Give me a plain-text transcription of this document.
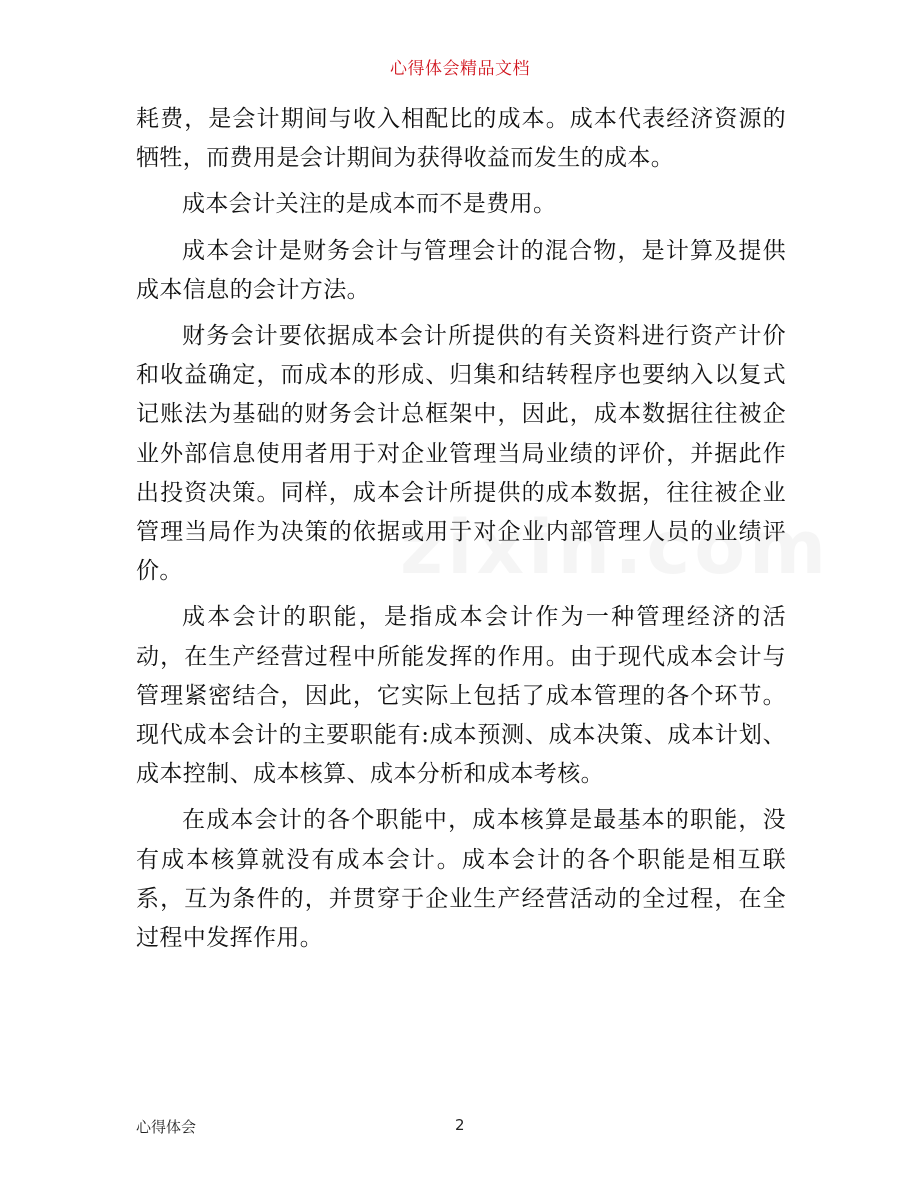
心得体会精品文档

耗费，是会计期间与收入相配比的成本。成本代表经济资源的牺牲，而费用是会计期间为获得收益而发生的成本。

成本会计关注的是成本而不是费用。

成本会计是财务会计与管理会计的混合物，是计算及提供成本信息的会计方法。

财务会计要依据成本会计所提供的有关资料进行资产计价和收益确定，而成本的形成、归集和结转程序也要纳入以复式记账法为基础的财务会计总框架中，因此，成本数据往往被企业外部信息使用者用于对企业管理当局业绩的评价，并据此作出投资决策。同样，成本会计所提供的成本数据，往往被企业管理当局作为决策的依据或用于对企业内部管理人员的业绩评价。

成本会计的职能，是指成本会计作为一种管理经济的活动，在生产经营过程中所能发挥的作用。由于现代成本会计与管理紧密结合，因此，它实际上包括了成本管理的各个环节。现代成本会计的主要职能有:成本预测、成本决策、成本计划、成本控制、成本核算、成本分析和成本考核。

在成本会计的各个职能中，成本核算是最基本的职能，没有成本核算就没有成本会计。成本会计的各个职能是相互联系，互为条件的，并贯穿于企业生产经营活动的全过程，在全过程中发挥作用。

心得体会	2
